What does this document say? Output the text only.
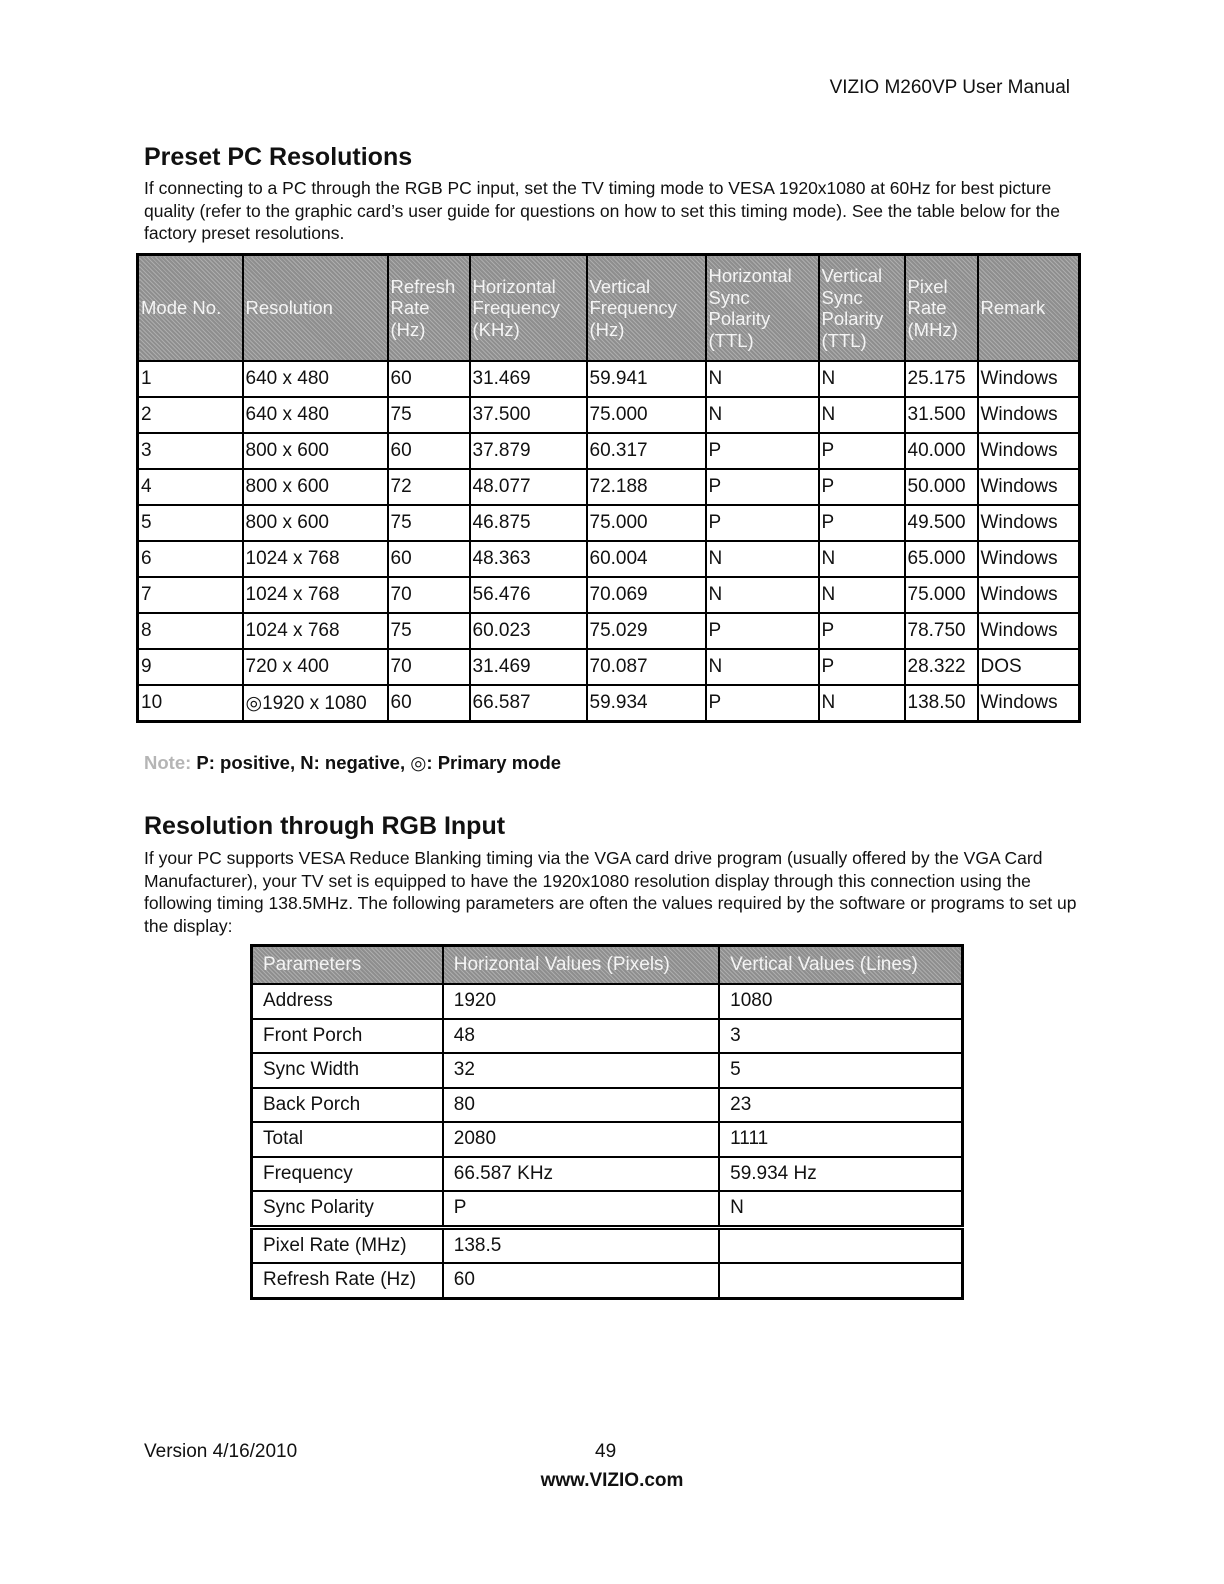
VIZIO M260VP User Manual
Preset PC Resolutions

If connecting to a PC through the RGB PC input, set the TV timing mode to VESA 1920x1080 at 60Hz for best picture quality (refer to the graphic card’s user guide for questions on how to set this timing mode). See the table below for the factory preset resolutions.

Mode No.	Resolution	Refresh Rate (Hz)	Horizontal Frequency (KHz)	Vertical Frequency (Hz)	Horizontal Sync Polarity (TTL)	Vertical Sync Polarity (TTL)	Pixel Rate (MHz)	Remark
1	640 x 480	60	31.469	59.941	N	N	25.175	Windows
2	640 x 480	75	37.500	75.000	N	N	31.500	Windows
3	800 x 600	60	37.879	60.317	P	P	40.000	Windows
4	800 x 600	72	48.077	72.188	P	P	50.000	Windows
5	800 x 600	75	46.875	75.000	P	P	49.500	Windows
6	1024 x 768	60	48.363	60.004	N	N	65.000	Windows
7	1024 x 768	70	56.476	70.069	N	N	75.000	Windows
8	1024 x 768	75	60.023	75.029	P	P	78.750	Windows
9	720 x 400	70	31.469	70.087	N	P	28.322	DOS
10	◎1920 x 1080	60	66.587	59.934	P	N	138.50	Windows
Note: P: positive, N: negative, ◎: Primary mode
Resolution through RGB Input

If your PC supports VESA Reduce Blanking timing via the VGA card drive program (usually offered by the VGA Card Manufacturer), your TV set is equipped to have the 1920x1080 resolution display through this connection using the following timing 138.5MHz. The following parameters are often the values required by the software or programs to set up the display:

Parameters	Horizontal Values (Pixels)	Vertical Values (Lines)
Address	1920	1080
Front Porch	48	3
Sync Width	32	5
Back Porch	80	23
Total	2080	1111
Frequency	66.587 KHz	59.934 Hz
Sync Polarity	P	N
Pixel Rate (MHz)	138.5	
Refresh Rate (Hz)	60	
Version 4/16/2010	49
www.VIZIO.com
